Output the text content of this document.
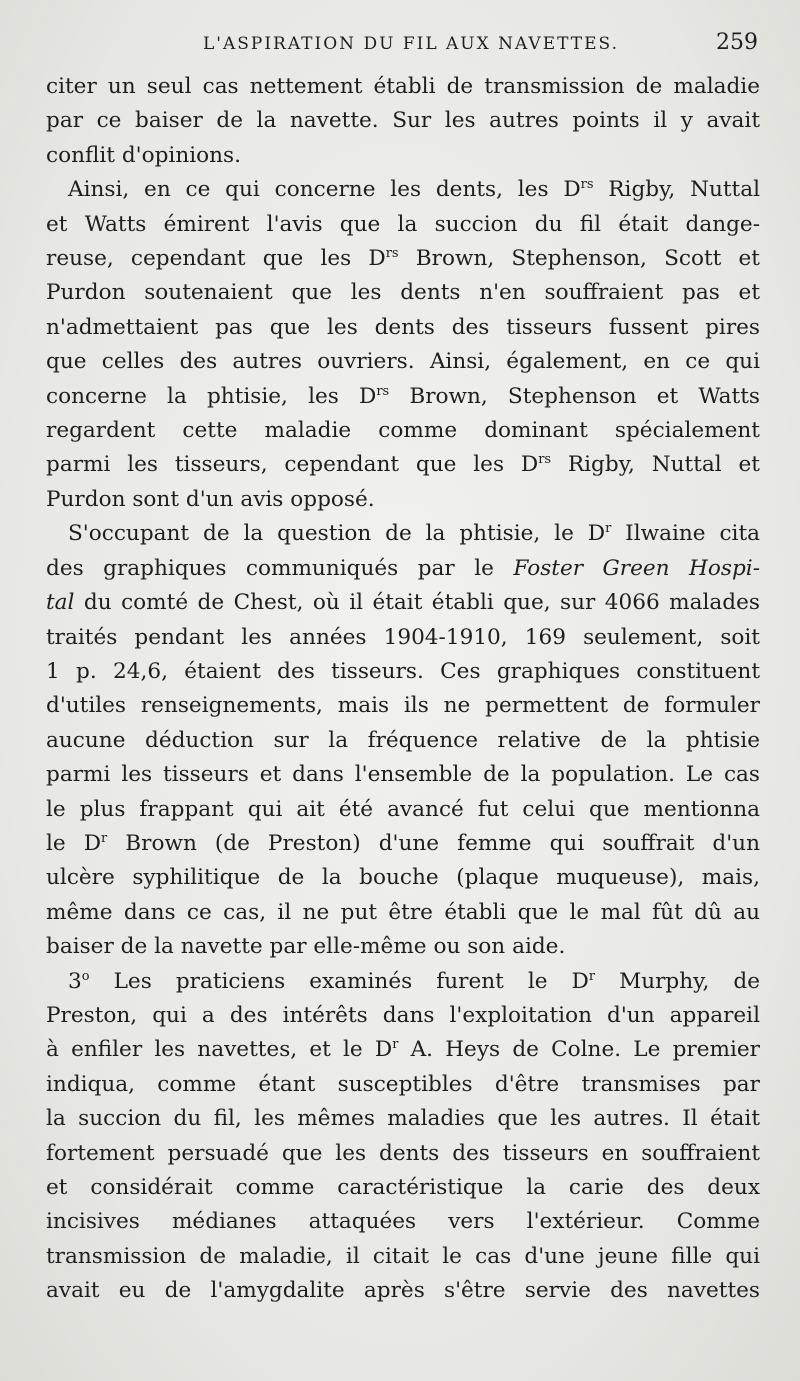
L'ASPIRATION DU FIL AUX NAVETTES.	259

citer un seul cas nettement établi de transmission de maladie
par ce baiser de la navette. Sur les autres points il y avait
conflit d'opinions.

Ainsi, en ce qui concerne les dents, les $D^{rs}$ Rigby, Nuttal
et Watts émirent l'avis que la succion du fil était dange-
reuse, cependant que les $D^{rs}$ Brown, Stephenson, Scott et
Purdon soutenaient que les dents n'en souffraient pas et
n'admettaient pas que les dents des tisseurs fussent pires
que celles des autres ouvriers. Ainsi, également, en ce qui
concerne la phtisie, les $D^{rs}$ Brown, Stephenson et Watts
regardent cette maladie comme dominant spécialement
parmi les tisseurs, cependant que les $D^{rs}$ Rigby, Nuttal et
Purdon sont d'un avis opposé.

S'occupant de la question de la phtisie, le $D^r$ Ilwaine cita
des graphiques communiqués par le Foster Green Hospi-
tal du comté de Chest, où il était établi que, sur 4066 malades
traités pendant les années 1904-1910, 169 seulement, soit
1 p. 24,6, étaient des tisseurs. Ces graphiques constituent
d'utiles renseignements, mais ils ne permettent de formuler
aucune déduction sur la fréquence relative de la phtisie
parmi les tisseurs et dans l'ensemble de la population. Le cas
le plus frappant qui ait été avancé fut celui que mentionna
le $D^r$ Brown (de Preston) d'une femme qui souffrait d'un
ulcère syphilitique de la bouche (plaque muqueuse), mais,
même dans ce cas, il ne put être établi que le mal fût dû au
baiser de la navette par elle-même ou son aide.

3$^o$ Les praticiens examinés furent le $D^r$ Murphy, de
Preston, qui a des intérêts dans l'exploitation d'un appareil
à enfiler les navettes, et le $D^r$ A. Heys de Colne. Le premier
indiqua, comme étant susceptibles d'être transmises par
la succion du fil, les mêmes maladies que les autres. Il était
fortement persuadé que les dents des tisseurs en souffraient
et considérait comme caractéristique la carie des deux
incisives médianes attaquées vers l'extérieur. Comme
transmission de maladie, il citait le cas d'une jeune fille qui
avait eu de l'amygdalite après s'être servie des navettes
